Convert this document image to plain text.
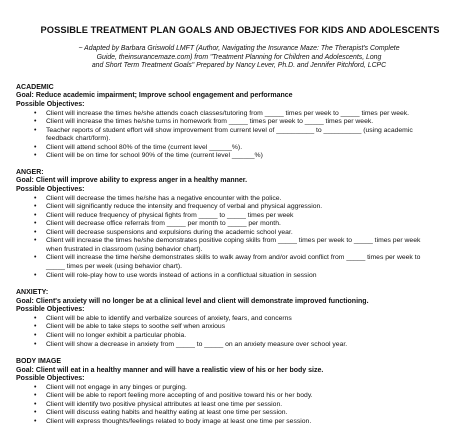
POSSIBLE TREATMENT PLAN GOALS AND OBJECTIVES FOR KIDS AND ADOLESCENTS

~ Adapted by Barbara Griswold LMFT (Author, Navigating the Insurance Maze: The Therapist's Complete
Guide, theinsurancemaze.com) from "Treatment Planning for Children and Adolescents, Long
and Short Term Treatment Goals" Prepared by Nancy Lever, Ph.D. and Jennifer Pitchford, LCPC
ACADEMIC
Goal: Reduce academic impairment; Improve school engagement and performance
Possible Objectives:
• Client will increase the times he/she attends coach classes/tutoring from _____ times per week to _____ times per week.
• Client will increase the times he/she turns in homework from _____ times per week to _____ times per week.
• Teacher reports of student effort will show improvement from current level of __________ to __________ (using academic
feedback chart/form).
• Client will attend school 80% of the time (current level ______%).
• Client will be on time for school 90% of the time (current level ______%)
ANGER:
Goal: Client will improve ability to express anger in a healthy manner.
Possible Objectives:
• Client will decrease the times he/she has a negative encounter with the police.
• Client will significantly reduce the intensity and frequency of verbal and physical aggression.
• Client will reduce frequency of physical fights from _____ to _____ times per week
• Client will decrease office referrals from _____ per month to _____ per month.
• Client will decrease suspensions and expulsions during the academic school year.
• Client will increase the times he/she demonstrates positive coping skills from _____ times per week to _____ times per week
when frustrated in classroom (using behavior chart).
• Client will increase the time he/she demonstrates skills to walk away from and/or avoid conflict from _____ times per week to
_____ times per week (using behavior chart).
• Client will role-play how to use words instead of actions in a conflictual situation in session
ANXIETY:
Goal: Client's anxiety will no longer be at a clinical level and client will demonstrate improved functioning.
Possible Objectives:
• Client will be able to identify and verbalize sources of anxiety, fears, and concerns
• Client will be able to take steps to soothe self when anxious
• Client will no longer exhibit a particular phobia.
• Client will show a decrease in anxiety from _____ to _____ on an anxiety measure over school year.
BODY IMAGE
Goal: Client will eat in a healthy manner and will have a realistic view of his or her body size.
Possible Objectives:
• Client will not engage in any binges or purging.
• Client will be able to report feeling more accepting of and positive toward his or her body.
• Client will identify two positive physical attributes at least one time per session.
• Client will discuss eating habits and healthy eating at least one time per session.
• Client will express thoughts/feelings related to body image at least one time per session.
